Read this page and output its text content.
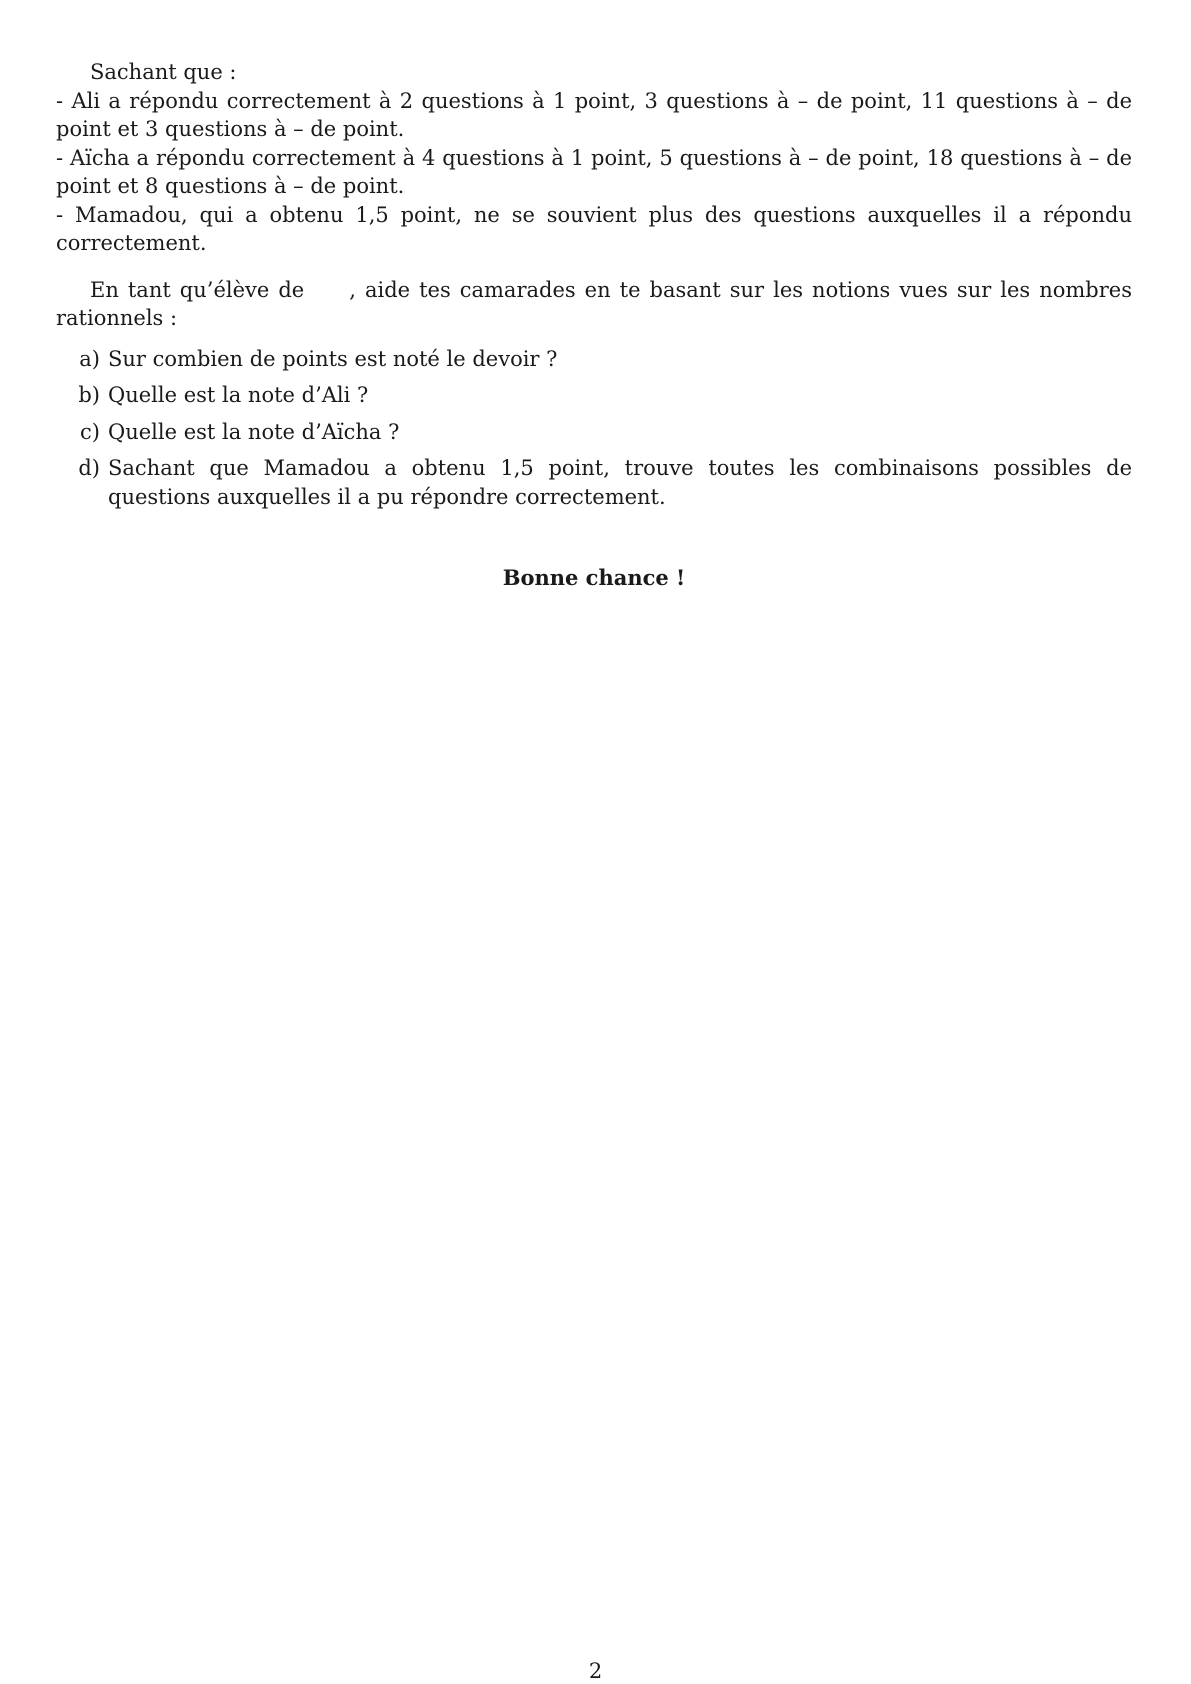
Sachant que :

- Ali a répondu correctement à 2 questions à 1 point, 3 questions à – de point, 11 questions à – de point et 3 questions à – de point.

- Aïcha a répondu correctement à 4 questions à 1 point, 5 questions à – de point, 18 questions à – de point et 8 questions à – de point.

- Mamadou, qui a obtenu 1,5 point, ne se souvient plus des questions auxquelles il a répondu correctement.

En tant qu’élève de     , aide tes camarades en te basant sur les notions vues sur les nombres rationnels :

a) Sur combien de points est noté le devoir ?
b) Quelle est la note d’Ali ?
c) Quelle est la note d’Aïcha ?
d) Sachant que Mamadou a obtenu 1,5 point, trouve toutes les combinaisons possibles de questions auxquelles il a pu répondre correctement.
Bonne chance !
2
